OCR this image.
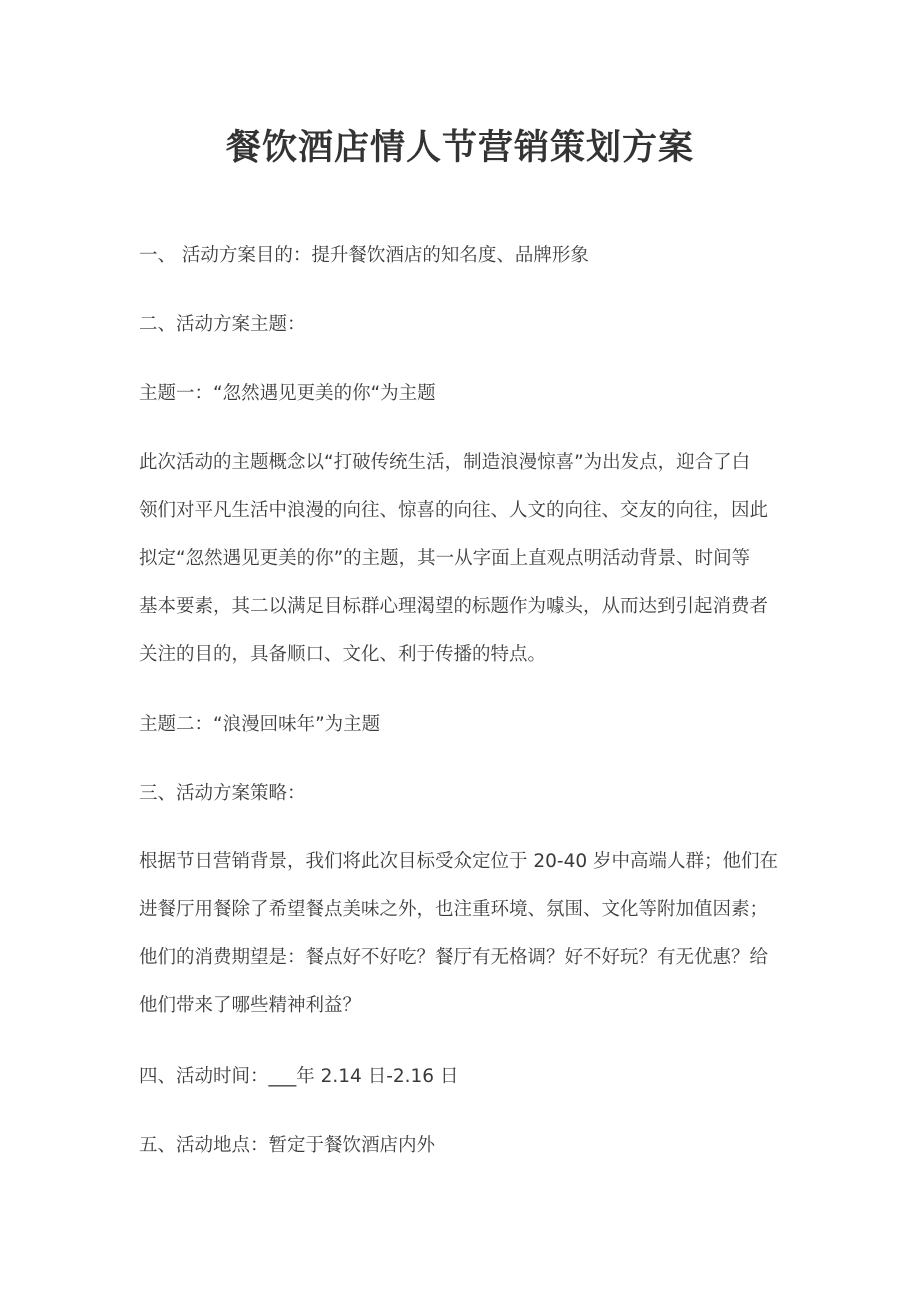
餐饮酒店情人节营销策划方案

一、 活动方案目的：提升餐饮酒店的知名度、品牌形象

二、活动方案主题：

主题一：“忽然遇见更美的你“为主题

此次活动的主题概念以“打破传统生活，制造浪漫惊喜”为出发点，迎合了白
领们对平凡生活中浪漫的向往、惊喜的向往、人文的向往、交友的向往，因此
拟定“忽然遇见更美的你”的主题，其一从字面上直观点明活动背景、时间等
基本要素，其二以满足目标群心理渴望的标题作为噱头，从而达到引起消费者
关注的目的，具备顺口、文化、利于传播的特点。

主题二：“浪漫回味年”为主题

三、活动方案策略：

根据节日营销背景，我们将此次目标受众定位于 20-40 岁中高端人群；他们在
进餐厅用餐除了希望餐点美味之外，也注重环境、氛围、文化等附加值因素；
他们的消费期望是：餐点好不好吃？餐厅有无格调？好不好玩？有无优惠？给
他们带来了哪些精神利益？

四、活动时间：___年 2.14 日-2.16 日

五、活动地点：暂定于餐饮酒店内外
